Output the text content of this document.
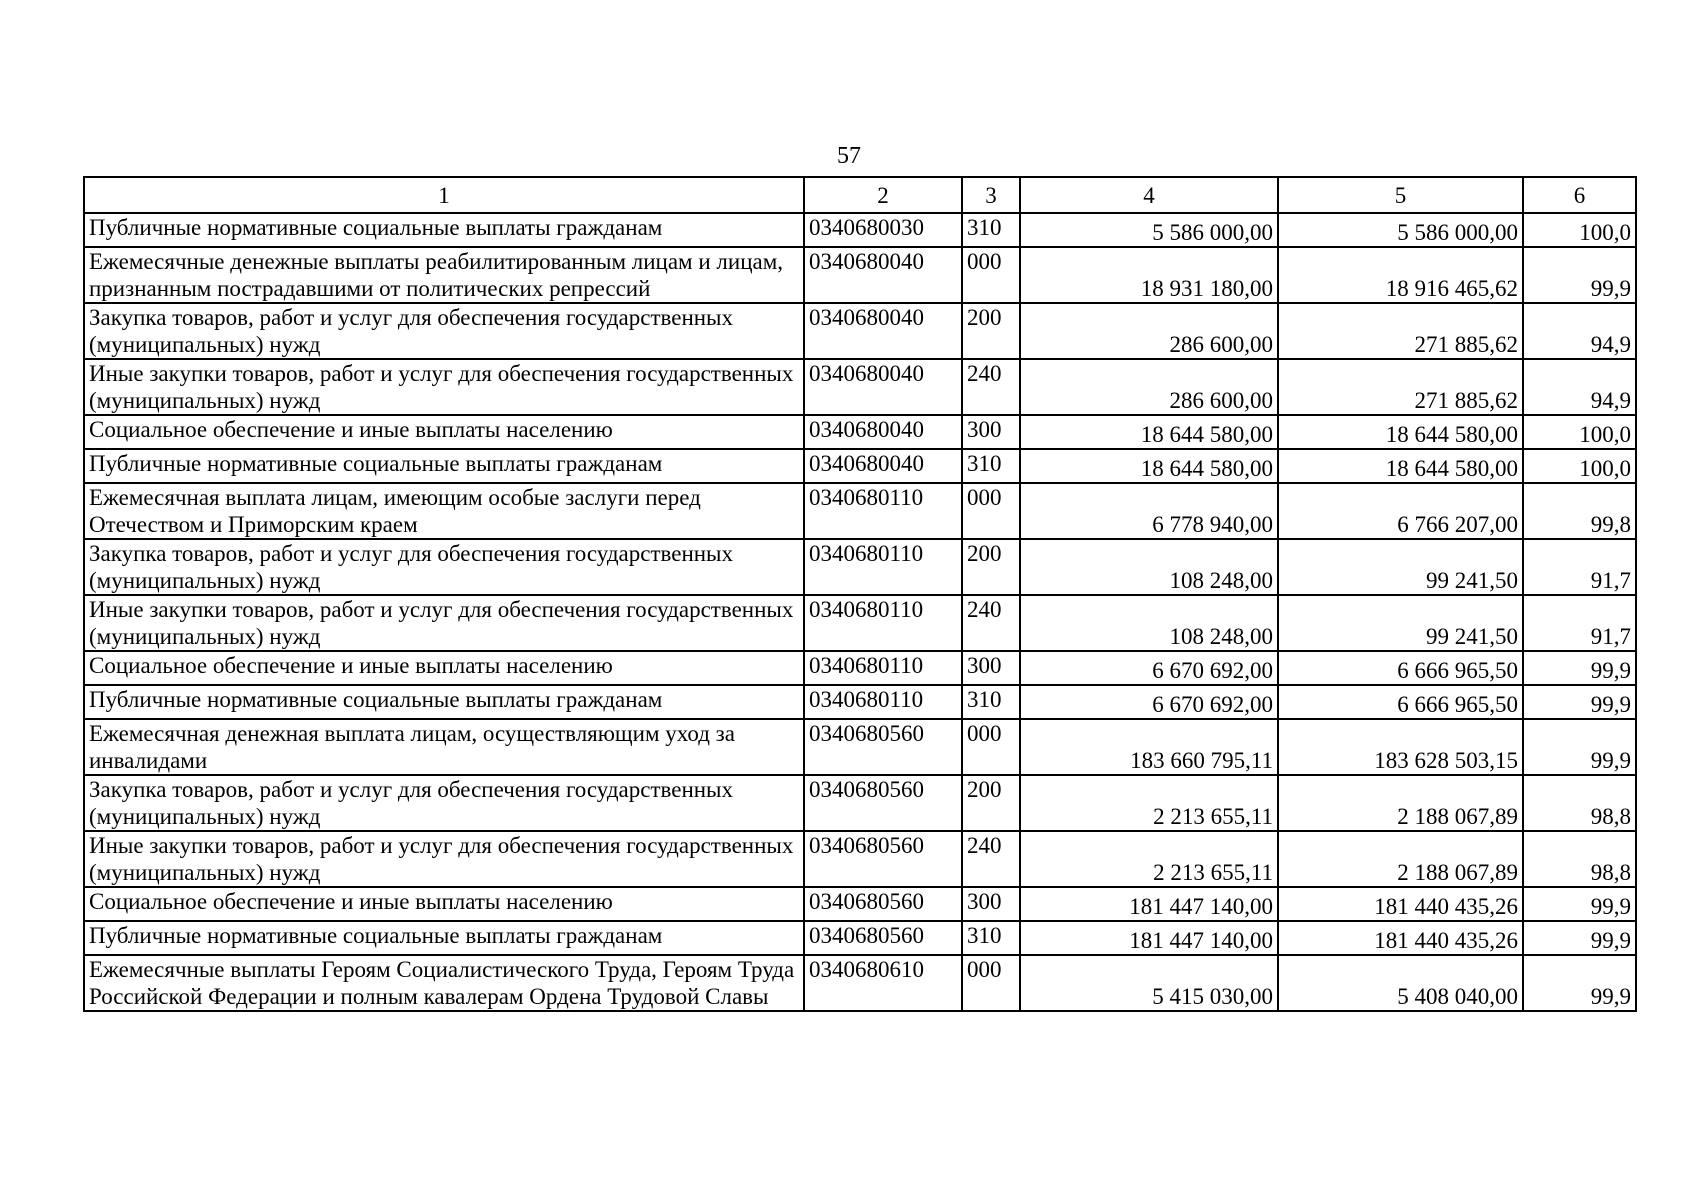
57
1	2	3	4	5	6
Публичные нормативные социальные выплаты гражданам	0340680030	310	5 586 000,00	5 586 000,00	100,0
Ежемесячные денежные выплаты реабилитированным лицам и лицам, признанным пострадавшими от политических репрессий	0340680040	000	18 931 180,00	18 916 465,62	99,9
Закупка товаров, работ и услуг для обеспечения государственных (муниципальных) нужд	0340680040	200	286 600,00	271 885,62	94,9
Иные закупки товаров, работ и услуг для обеспечения государственных (муниципальных) нужд	0340680040	240	286 600,00	271 885,62	94,9
Социальное обеспечение и иные выплаты населению	0340680040	300	18 644 580,00	18 644 580,00	100,0
Публичные нормативные социальные выплаты гражданам	0340680040	310	18 644 580,00	18 644 580,00	100,0
Ежемесячная выплата лицам, имеющим особые заслуги перед Отечеством и Приморским краем	0340680110	000	6 778 940,00	6 766 207,00	99,8
Закупка товаров, работ и услуг для обеспечения государственных (муниципальных) нужд	0340680110	200	108 248,00	99 241,50	91,7
Иные закупки товаров, работ и услуг для обеспечения государственных (муниципальных) нужд	0340680110	240	108 248,00	99 241,50	91,7
Социальное обеспечение и иные выплаты населению	0340680110	300	6 670 692,00	6 666 965,50	99,9
Публичные нормативные социальные выплаты гражданам	0340680110	310	6 670 692,00	6 666 965,50	99,9
Ежемесячная денежная выплата лицам, осуществляющим уход за инвалидами	0340680560	000	183 660 795,11	183 628 503,15	99,9
Закупка товаров, работ и услуг для обеспечения государственных (муниципальных) нужд	0340680560	200	2 213 655,11	2 188 067,89	98,8
Иные закупки товаров, работ и услуг для обеспечения государственных (муниципальных) нужд	0340680560	240	2 213 655,11	2 188 067,89	98,8
Социальное обеспечение и иные выплаты населению	0340680560	300	181 447 140,00	181 440 435,26	99,9
Публичные нормативные социальные выплаты гражданам	0340680560	310	181 447 140,00	181 440 435,26	99,9
Ежемесячные выплаты Героям Социалистического Труда, Героям Труда Российской Федерации и полным кавалерам Ордена Трудовой Славы	0340680610	000	5 415 030,00	5 408 040,00	99,9
